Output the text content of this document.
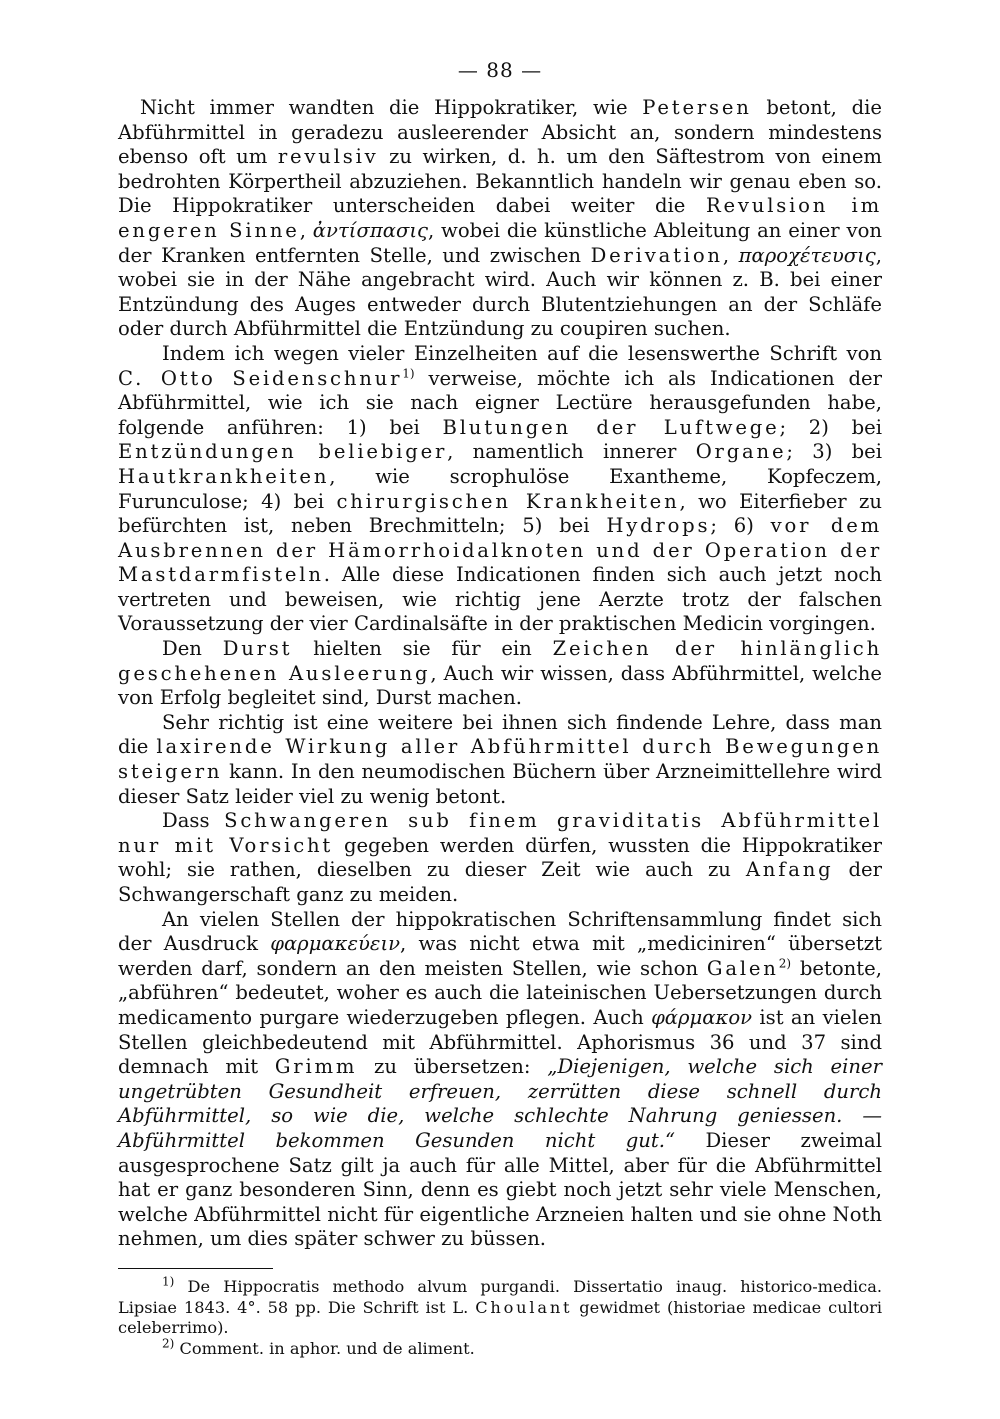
— 88 —

Nicht immer wandten die Hippokratiker, wie Petersen betont, die Abführmittel in geradezu ausleerender Absicht an, sondern mindestens ebenso oft um revulsiv zu wirken, d. h. um den Säftestrom von einem bedrohten Körpertheil abzuziehen. Bekanntlich handeln wir genau eben so. Die Hippokratiker unterscheiden dabei weiter die Revulsion im engeren Sinne, ἀντίσπασις, wobei die künstliche Ableitung an einer von der Kranken entfernten Stelle, und zwischen Derivation, παροχέτευσις, wobei sie in der Nähe angebracht wird. Auch wir können z. B. bei einer Entzündung des Auges entweder durch Blutentziehungen an der Schläfe oder durch Abführmittel die Entzündung zu coupiren suchen.

Indem ich wegen vieler Einzelheiten auf die lesenswerthe Schrift von C. Otto Seidenschnur$^{1)}$ verweise, möchte ich als Indicationen der Abführmittel, wie ich sie nach eigner Lectüre herausgefunden habe, folgende anführen: 1) bei Blutungen der Luftwege; 2) bei Entzündungen beliebiger, namentlich innerer Organe; 3) bei Hautkrankheiten, wie scrophulöse Exantheme, Kopfeczem, Furunculose; 4) bei chirurgischen Krankheiten, wo Eiterfieber zu befürchten ist, neben Brechmitteln; 5) bei Hydrops; 6) vor dem Ausbrennen der Hämorrhoidalknoten und der Operation der Mastdarmfisteln. Alle diese Indicationen finden sich auch jetzt noch vertreten und beweisen, wie richtig jene Aerzte trotz der falschen Voraussetzung der vier Cardinalsäfte in der praktischen Medicin vorgingen.

Den Durst hielten sie für ein Zeichen der hinlänglich geschehenen Ausleerung, Auch wir wissen, dass Abführmittel, welche von Erfolg begleitet sind, Durst machen.

Sehr richtig ist eine weitere bei ihnen sich findende Lehre, dass man die laxirende Wirkung aller Abführmittel durch Bewegungen steigern kann. In den neumodischen Büchern über Arzneimittellehre wird dieser Satz leider viel zu wenig betont.

Dass Schwangeren sub finem graviditatis Abführmittel nur mit Vorsicht gegeben werden dürfen, wussten die Hippokratiker wohl; sie rathen, dieselben zu dieser Zeit wie auch zu Anfang der Schwangerschaft ganz zu meiden.

An vielen Stellen der hippokratischen Schriftensammlung findet sich der Ausdruck φαρμακεύειν, was nicht etwa mit „mediciniren“ übersetzt werden darf, sondern an den meisten Stellen, wie schon Galen$^{2)}$ betonte, „abführen“ bedeutet, woher es auch die lateinischen Uebersetzungen durch medicamento purgare wiederzugeben pflegen. Auch φάρμακον ist an vielen Stellen gleichbedeutend mit Abführmittel. Aphorismus 36 und 37 sind demnach mit Grimm zu übersetzen: „Diejenigen, welche sich einer ungetrübten Gesundheit erfreuen, zerrütten diese schnell durch Abführmittel, so wie die, welche schlechte Nahrung geniessen. — Abführmittel bekommen Gesunden nicht gut.“ Dieser zweimal ausgesprochene Satz gilt ja auch für alle Mittel, aber für die Abführmittel hat er ganz besonderen Sinn, denn es giebt noch jetzt sehr viele Menschen, welche Abführmittel nicht für eigentliche Arzneien halten und sie ohne Noth nehmen, um dies später schwer zu büssen.

$^{1)}$ De Hippocratis methodo alvum purgandi. Dissertatio inaug. historico-medica. Lipsiae 1843. 4°. 58 pp. Die Schrift ist L. Choulant gewidmet (historiae medicae cultori celeberrimo).

$^{2)}$ Comment. in aphor. und de aliment.
